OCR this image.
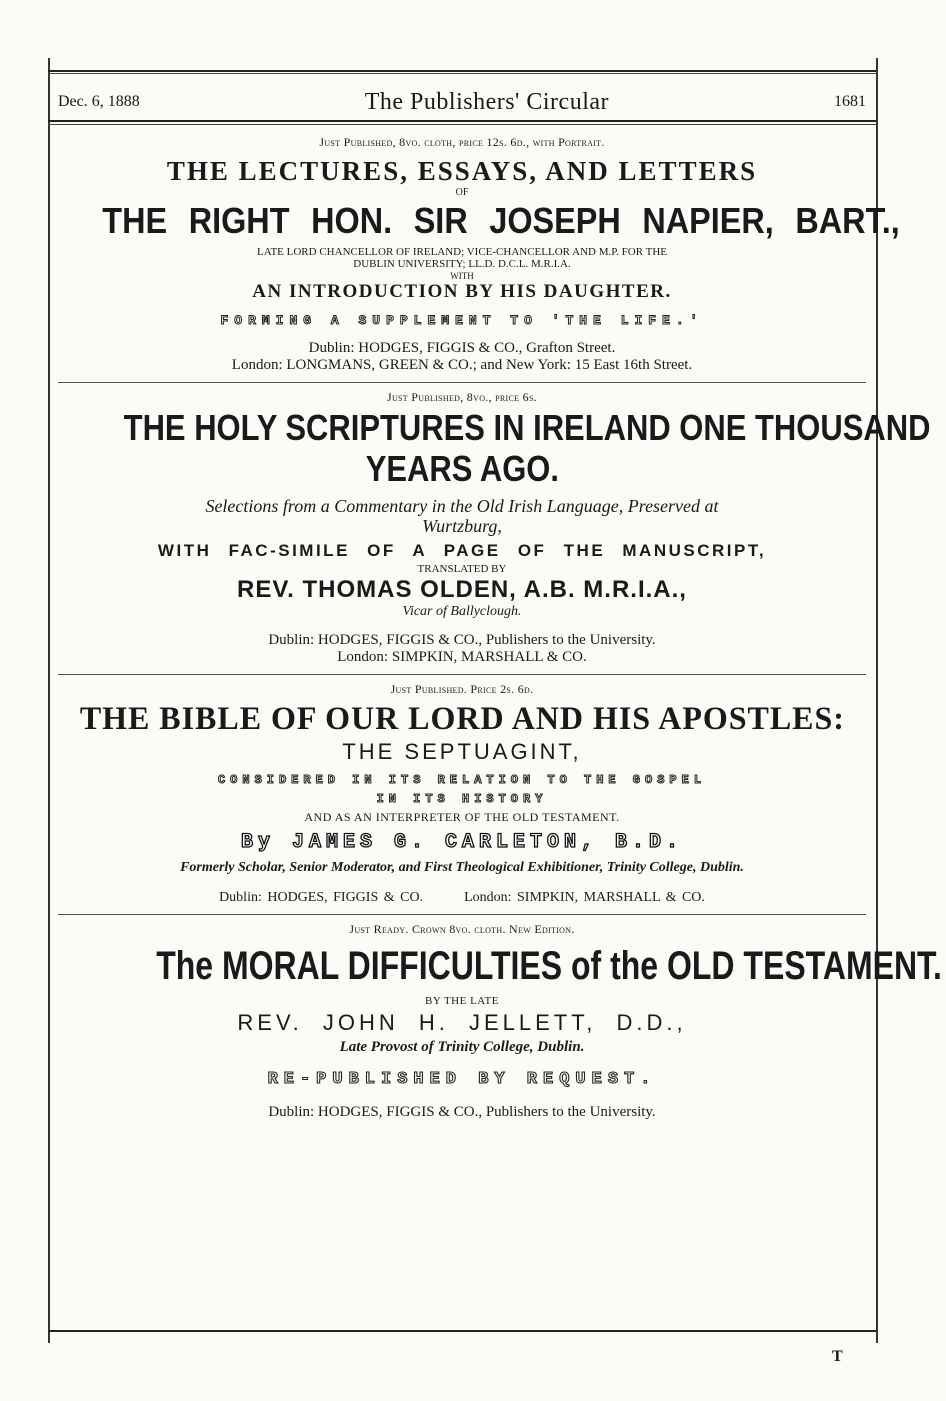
Dec. 6, 1888	The Publishers' Circular	1681

Just Published, 8vo. cloth, price 12s. 6d., with Portrait.

THE LECTURES, ESSAYS, AND LETTERS

OF

THE RIGHT HON. SIR JOSEPH NAPIER, BART.,

LATE LORD CHANCELLOR OF IRELAND; VICE-CHANCELLOR AND M.P. FOR THE

DUBLIN UNIVERSITY; LL.D. D.C.L. M.R.I.A.

WITH

AN INTRODUCTION BY HIS DAUGHTER.

FORMING A SUPPLEMENT TO 'THE LIFE.'

Dublin: HODGES, FIGGIS & CO., Grafton Street.

London: LONGMANS, GREEN & CO.; and New York: 15 East 16th Street.

Just Published, 8vo., price 6s.

THE HOLY SCRIPTURES IN IRELAND ONE THOUSAND

YEARS AGO.

Selections from a Commentary in the Old Irish Language, Preserved at

Wurtzburg,

WITH FAC-SIMILE OF A PAGE OF THE MANUSCRIPT,

TRANSLATED BY

REV. THOMAS OLDEN, A.B. M.R.I.A.,

Vicar of Ballyclough.

Dublin: HODGES, FIGGIS & CO., Publishers to the University.

London: SIMPKIN, MARSHALL & CO.

Just Published. Price 2s. 6d.

THE BIBLE OF OUR LORD AND HIS APOSTLES:

THE SEPTUAGINT,

CONSIDERED IN ITS RELATION TO THE GOSPEL

IN ITS HISTORY

AND AS AN INTERPRETER OF THE OLD TESTAMENT.

By JAMES G. CARLETON, B.D.

Formerly Scholar, Senior Moderator, and First Theological Exhibitioner, Trinity College, Dublin.

Dublin: HODGES, FIGGIS & CO.	London: SIMPKIN, MARSHALL & CO.

Just Ready. Crown 8vo. cloth. New Edition.

The MORAL DIFFICULTIES of the OLD TESTAMENT.

BY THE LATE

REV. JOHN H. JELLETT, D.D.,

Late Provost of Trinity College, Dublin.

RE-PUBLISHED BY REQUEST.

Dublin: HODGES, FIGGIS & CO., Publishers to the University.

T
